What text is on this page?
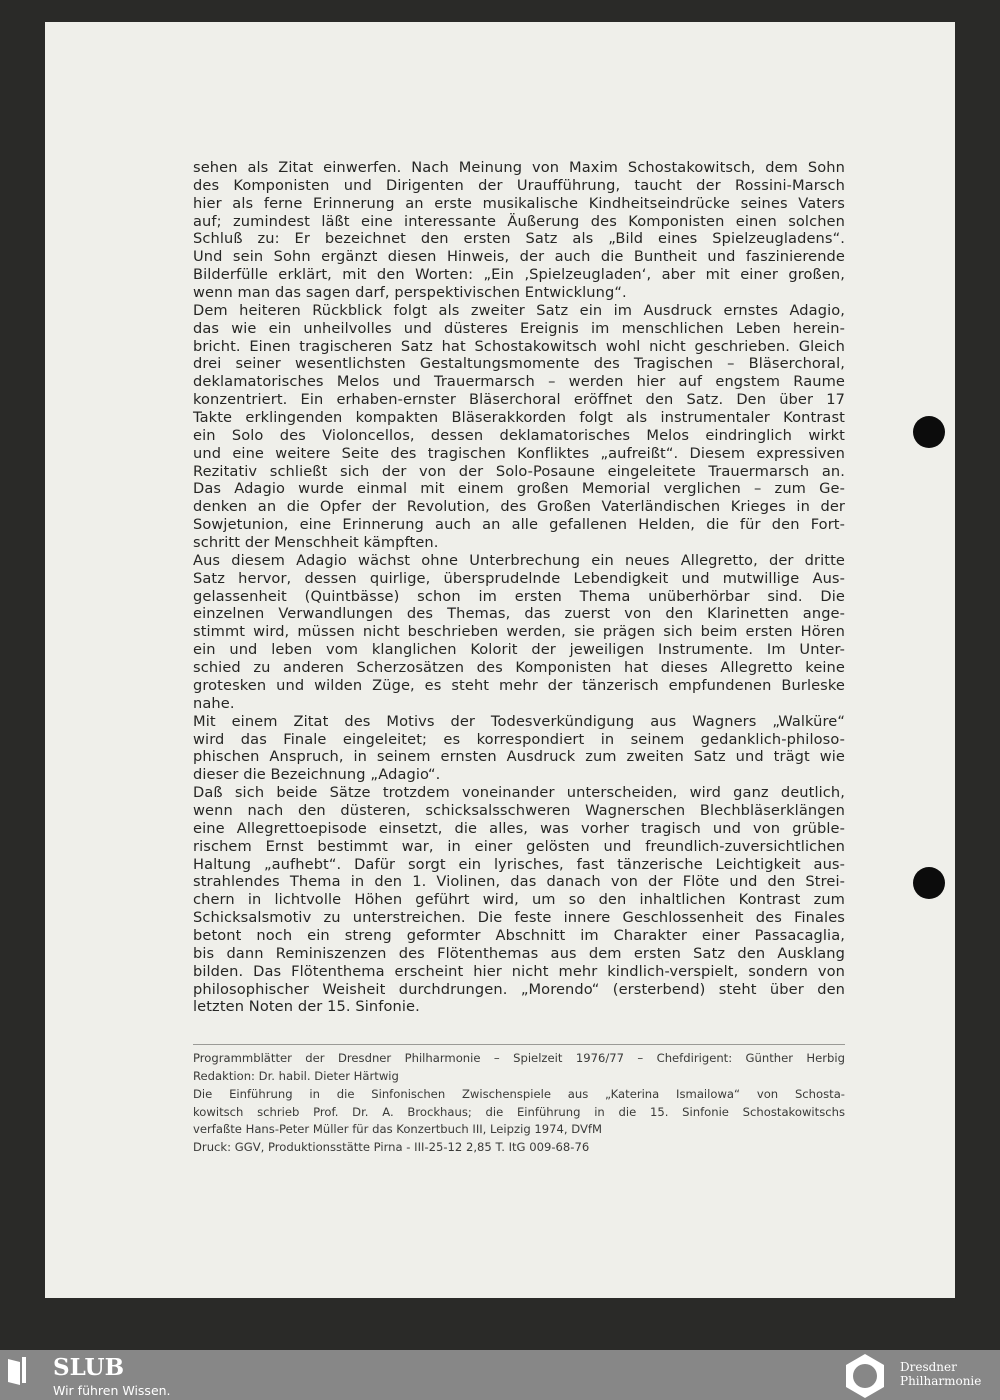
sehen als Zitat einwerfen. Nach Meinung von Maxim Schostakowitsch, dem Sohn
des Komponisten und Dirigenten der Uraufführung, taucht der Rossini-Marsch
hier als ferne Erinnerung an erste musikalische Kindheitseindrücke seines Vaters
auf; zumindest läßt eine interessante Äußerung des Komponisten einen solchen
Schluß zu: Er bezeichnet den ersten Satz als „Bild eines Spielzeugladens“.
Und sein Sohn ergänzt diesen Hinweis, der auch die Buntheit und faszinierende
Bilderfülle erklärt, mit den Worten: „Ein ‚Spielzeugladen‘, aber mit einer großen,
wenn man das sagen darf, perspektivischen Entwicklung“.
Dem heiteren Rückblick folgt als zweiter Satz ein im Ausdruck ernstes Adagio,
das wie ein unheilvolles und düsteres Ereignis im menschlichen Leben herein-
bricht. Einen tragischeren Satz hat Schostakowitsch wohl nicht geschrieben. Gleich
drei seiner wesentlichsten Gestaltungsmomente des Tragischen – Bläserchoral,
deklamatorisches Melos und Trauermarsch – werden hier auf engstem Raume
konzentriert. Ein erhaben-ernster Bläserchoral eröffnet den Satz. Den über 17
Takte erklingenden kompakten Bläserakkorden folgt als instrumentaler Kontrast
ein Solo des Violoncellos, dessen deklamatorisches Melos eindringlich wirkt
und eine weitere Seite des tragischen Konfliktes „aufreißt“. Diesem expressiven
Rezitativ schließt sich der von der Solo-Posaune eingeleitete Trauermarsch an.
Das Adagio wurde einmal mit einem großen Memorial verglichen – zum Ge-
denken an die Opfer der Revolution, des Großen Vaterländischen Krieges in der
Sowjetunion, eine Erinnerung auch an alle gefallenen Helden, die für den Fort-
schritt der Menschheit kämpften.
Aus diesem Adagio wächst ohne Unterbrechung ein neues Allegretto, der dritte
Satz hervor, dessen quirlige, übersprudelnde Lebendigkeit und mutwillige Aus-
gelassenheit (Quintbässe) schon im ersten Thema unüberhörbar sind. Die
einzelnen Verwandlungen des Themas, das zuerst von den Klarinetten ange-
stimmt wird, müssen nicht beschrieben werden, sie prägen sich beim ersten Hören
ein und leben vom klanglichen Kolorit der jeweiligen Instrumente. Im Unter-
schied zu anderen Scherzosätzen des Komponisten hat dieses Allegretto keine
grotesken und wilden Züge, es steht mehr der tänzerisch empfundenen Burleske
nahe.
Mit einem Zitat des Motivs der Todesverkündigung aus Wagners „Walküre“
wird das Finale eingeleitet; es korrespondiert in seinem gedanklich-philoso-
phischen Anspruch, in seinem ernsten Ausdruck zum zweiten Satz und trägt wie
dieser die Bezeichnung „Adagio“.
Daß sich beide Sätze trotzdem voneinander unterscheiden, wird ganz deutlich,
wenn nach den düsteren, schicksalsschweren Wagnerschen Blechbläserklängen
eine Allegrettoepisode einsetzt, die alles, was vorher tragisch und von grüble-
rischem Ernst bestimmt war, in einer gelösten und freundlich-zuversichtlichen
Haltung „aufhebt“. Dafür sorgt ein lyrisches, fast tänzerische Leichtigkeit aus-
strahlendes Thema in den 1. Violinen, das danach von der Flöte und den Strei-
chern in lichtvolle Höhen geführt wird, um so den inhaltlichen Kontrast zum
Schicksalsmotiv zu unterstreichen. Die feste innere Geschlossenheit des Finales
betont noch ein streng geformter Abschnitt im Charakter einer Passacaglia,
bis dann Reminiszenzen des Flötenthemas aus dem ersten Satz den Ausklang
bilden. Das Flötenthema erscheint hier nicht mehr kindlich-verspielt, sondern von
philosophischer Weisheit durchdrungen. „Morendo“ (ersterbend) steht über den
letzten Noten der 15. Sinfonie.
Programmblätter der Dresdner Philharmonie – Spielzeit 1976/77 – Chefdirigent: Günther Herbig
Redaktion: Dr. habil. Dieter Härtwig
Die Einführung in die Sinfonischen Zwischenspiele aus „Katerina Ismailowa“ von Schosta-
kowitsch schrieb Prof. Dr. A. Brockhaus; die Einführung in die 15. Sinfonie Schostakowitschs
verfaßte Hans-Peter Müller für das Konzertbuch III, Leipzig 1974, DVfM
Druck: GGV, Produktionsstätte Pirna - III-25-12 2,85 T. ItG 009-68-76
SLUB
Wir führen Wissen.
Dresdner
Philharmonie
